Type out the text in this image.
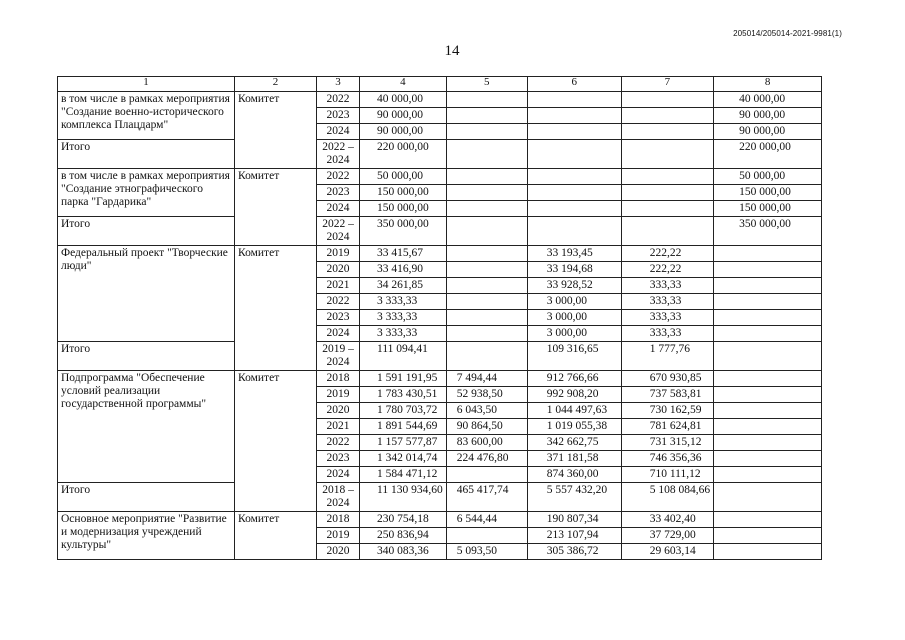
205014/205014-2021-9981(1)
14
1	2	3	4	5	6	7	8
в том числе в рамках мероприятия "Создание военно-исторического комплекса Плацдарм"	Комитет	2022	40 000,00				40 000,00
		2023	90 000,00				90 000,00
		2024	90 000,00				90 000,00
Итого		2022 – 2024	220 000,00				220 000,00
в том числе в рамках мероприятия "Создание этнографического парка "Гардарика"	Комитет	2022	50 000,00				50 000,00
		2023	150 000,00				150 000,00
		2024	150 000,00				150 000,00
Итого		2022 – 2024	350 000,00				350 000,00
Федеральный проект "Творческие люди"	Комитет	2019	33 415,67		33 193,45	222,22	
		2020	33 416,90		33 194,68	222,22	
		2021	34 261,85		33 928,52	333,33	
		2022	3 333,33		3 000,00	333,33	
		2023	3 333,33		3 000,00	333,33	
		2024	3 333,33		3 000,00	333,33	
Итого		2019 – 2024	111 094,41		109 316,65	1 777,76	
Подпрограмма "Обеспечение условий реализации государственной программы"	Комитет	2018	1 591 191,95	7 494,44	912 766,66	670 930,85	
		2019	1 783 430,51	52 938,50	992 908,20	737 583,81	
		2020	1 780 703,72	6 043,50	1 044 497,63	730 162,59	
		2021	1 891 544,69	90 864,50	1 019 055,38	781 624,81	
		2022	1 157 577,87	83 600,00	342 662,75	731 315,12	
		2023	1 342 014,74	224 476,80	371 181,58	746 356,36	
		2024	1 584 471,12		874 360,00	710 111,12	
Итого		2018 – 2024	11 130 934,60	465 417,74	5 557 432,20	5 108 084,66	
Основное мероприятие "Развитие и модернизация учреждений культуры"	Комитет	2018	230 754,18	6 544,44	190 807,34	33 402,40	
		2019	250 836,94		213 107,94	37 729,00	
		2020	340 083,36	5 093,50	305 386,72	29 603,14	
